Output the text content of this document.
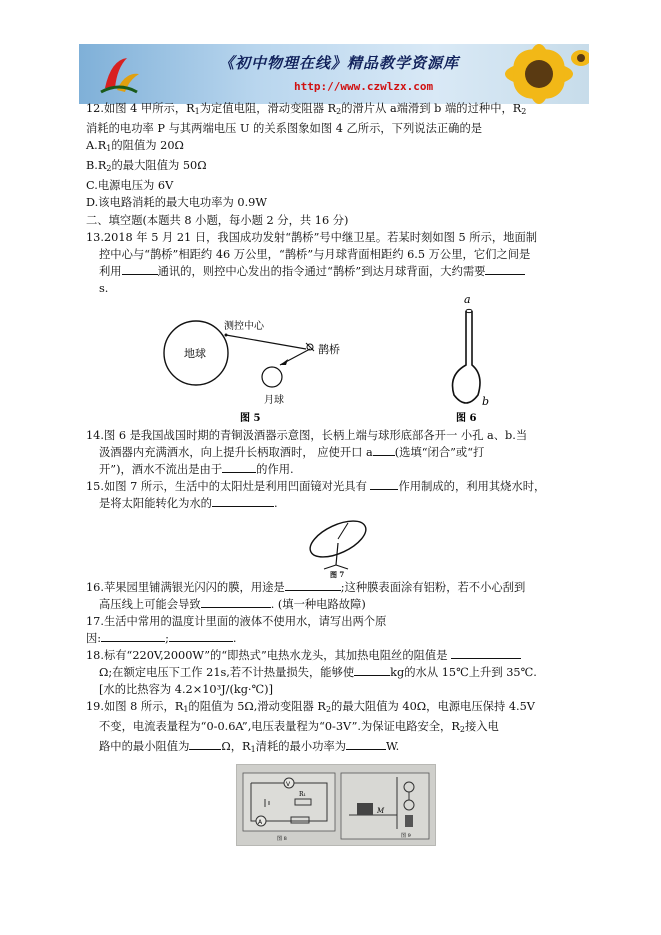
《初中物理在线》精品教学资源库
http://www.czwlzx.com

12.如图 4 甲所示，$R_1$为定值电阻，滑动变阻器 $R_2$的滑片从 a端滑到 b 端的过种中，$R_2$

消耗的电功率 P 与其两端电压 U 的关系图象如图 4 乙所示，下列说法正确的是

$A.R_1$的阻值为 20Ω

$B.R_2$的最大阻值为 50Ω

C.电源电压为 6V

D.该电路消耗的最大电功率为 0.9W

二、填空题(本题共 8 小题，每小题 2 分，共 16 分)

13.2018 年 5 月 21 日，我国成功发射“鹊桥”号中继卫星。若某时刻如图 5 所示，地面制

控中心与“鹊桥”相距约 46 万公里，“鹊桥”与月球背面相距约 6.5 万公里，它们之间是

利用	通讯的，则控中心发出的指令通过“鹊桥”到达月球背面，大约需要

s.

地球
测控中心
鹊桥
月球
图 5
a
b
图 6

14.图 6 是我国战国时期的青铜汲酒器示意图，长柄上端与球形底部各开一 小孔 a、b.当

汲酒器内充满酒水，向上提升长柄取酒时， 应使开口 a (选填“闭合”或“打

开”)，酒水不流出是由于	的作用.

15.如图 7 所示，生活中的太阳灶是利用凹面镜对光具有 作用制成的，利用其烧水时，

是将太阳能转化为水的	.

图 7

16.苹果园里铺满银光闪闪的膜，用途是	;这种膜表面涂有铝粉，若不小心刮到

高压线上可能会导致	. (填一种电路故障)

17.生活中常用的温度计里面的液体不使用水，请写出两个原

因:	;	.

18.标有“220V,2000W”的“即热式”电热水龙头，其加热电阻丝的阻值是

Ω;在额定电压下工作 21s,若不计热量损失，能够使	kg的水从 15℃上升到 35℃.

[水的比热容为 4.2×10³J/(kg·℃)]

19.如图 8 所示，$R_1$的阻值为 5Ω,滑动变阻器 $R_2$的最大阻值为 40Ω，电源电压保持 4.5V

不变，电流表量程为“0-0.6A”,电压表量程为“0-3V”.为保证电路安全，$R_2$接入电

路中的最小阻值为	Ω，$R_1$清耗的最小功率为	W.

V
R₁
A
图 8
M
图 9
